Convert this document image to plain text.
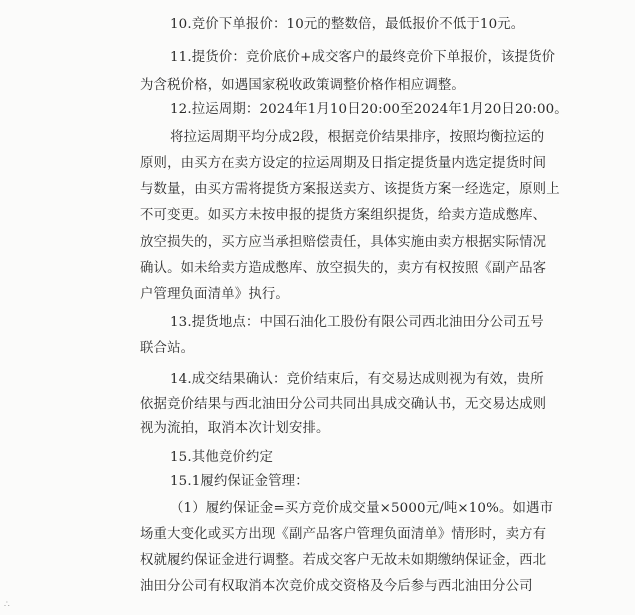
10.竞价下单报价：10元的整数倍，最低报价不低于10元。
11.提货价：竞价底价+成交客户的最终竞价下单报价，该提货价
为含税价格，如遇国家税收政策调整价格作相应调整。
12.拉运周期：2024年1月10日20:00至2024年1月20日20:00。
将拉运周期平均分成2段，根据竞价结果排序，按照均衡拉运的
原则，由买方在卖方设定的拉运周期及日指定提货量内选定提货时间
与数量，由买方需将提货方案报送卖方、该提货方案一经选定，原则上
不可变更。如买方未按申报的提货方案组织提货，给卖方造成憋库、
放空损失的，买方应当承担赔偿责任，具体实施由卖方根据实际情况
确认。如未给卖方造成憋库、放空损失的，卖方有权按照《副产品客
户管理负面清单》执行。
13.提货地点：中国石油化工股份有限公司西北油田分公司五号
联合站。
14.成交结果确认：竞价结束后，有交易达成则视为有效，贵所
依据竞价结果与西北油田分公司共同出具成交确认书，无交易达成则
视为流拍，取消本次计划安排。
15.其他竞价约定
15.1履约保证金管理：
（1）履约保证金=买方竞价成交量×5000元/吨×10%。如遇市
场重大变化或买方出现《副产品客户管理负面清单》情形时，卖方有
权就履约保证金进行调整。若成交客户无故未如期缴纳保证金，西北
油田分公司有权取消本次竞价成交资格及今后参与西北油田分公司
∴
